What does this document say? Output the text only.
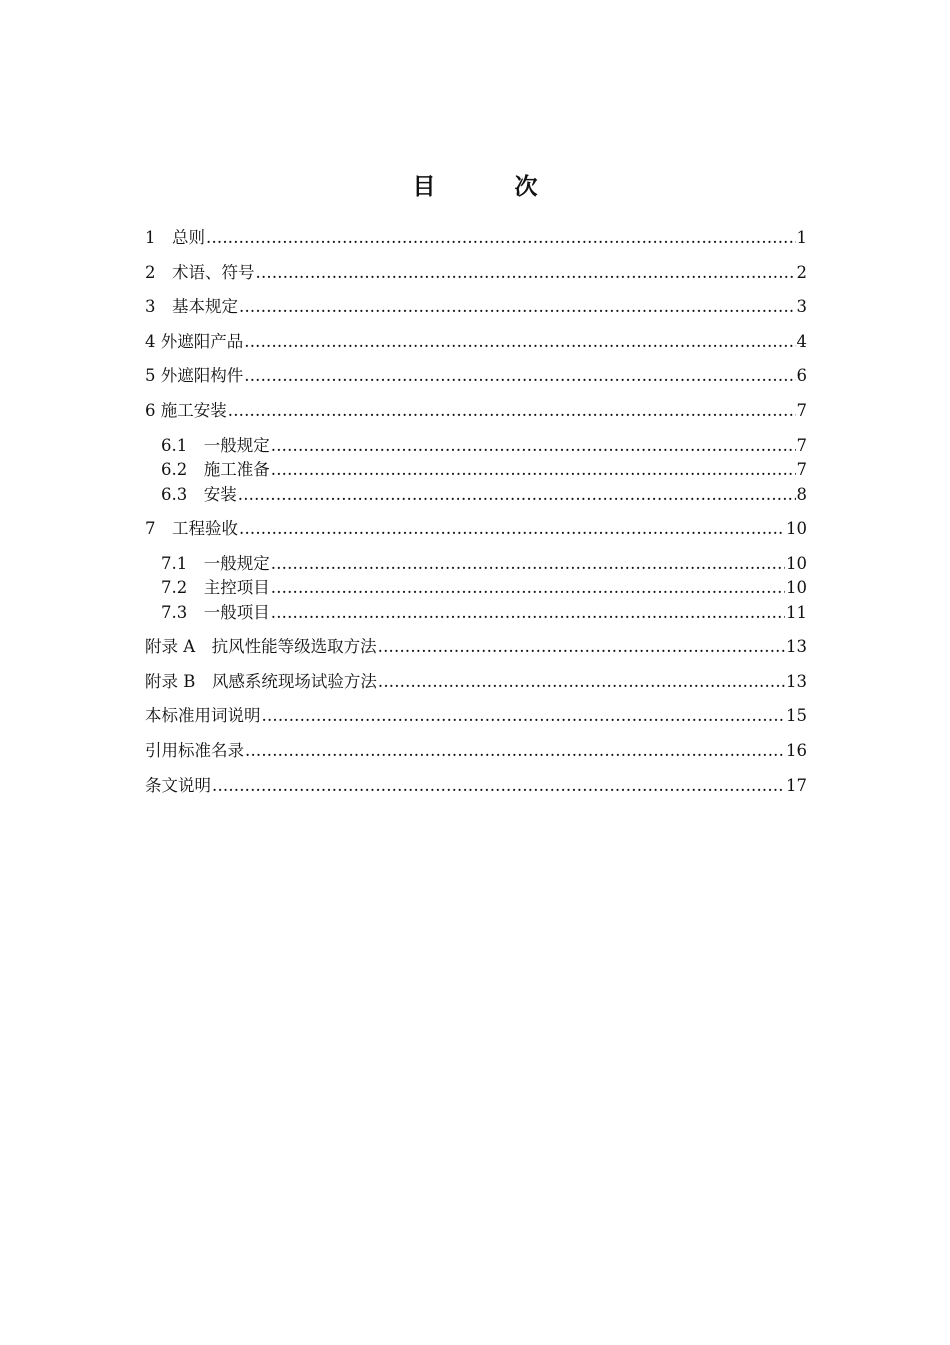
目　次
1　 总则 .....	1
2　 术语、符号 .....	2
3　 基本规定 .....	3
4 外遮阳产品 .....	4
5 外遮阳构件 .....	6
6 施工安装 .....	7
6.1　 一般规定 .....	7
6.2　 施工准备 .....	7
6.3　 安装 .....	8
7　 工程验收 .....	10
7.1　 一般规定 .....	10
7.2　 主控项目 .....	10
7.3　 一般项目 .....	11
附录 A　 抗风性能等级选取方法 .....	13
附录 B　 风感系统现场试验方法 .....	13
本标准用词说明 .....	15
引用标准名录 .....	16
条文说明 .....	17
